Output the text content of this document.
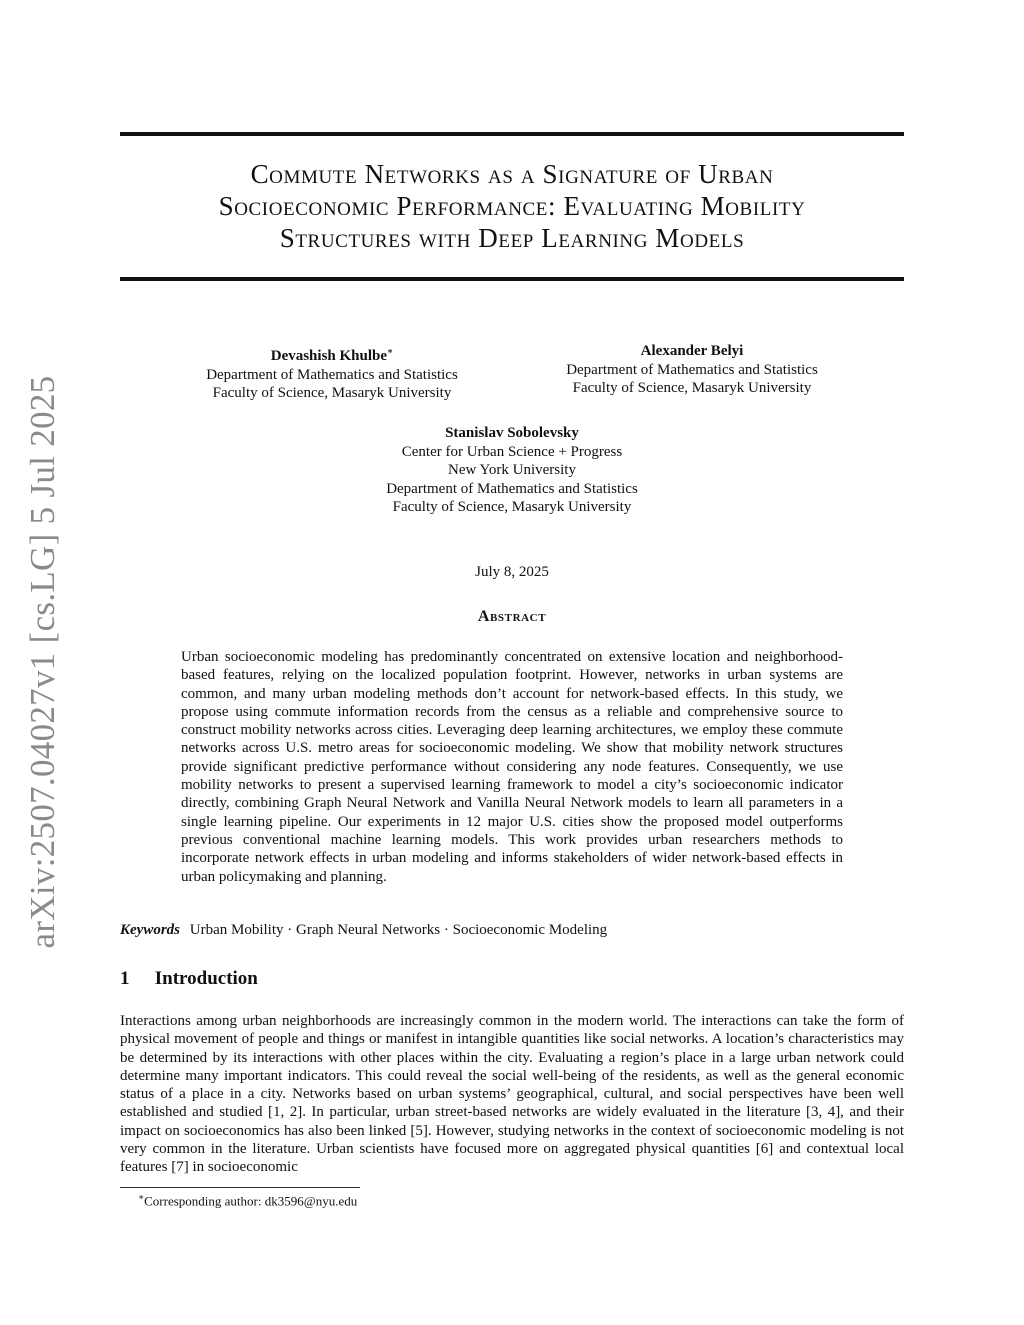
arXiv:2507.04027v1 [cs.LG] 5 Jul 2025
Commute Networks as a Signature of Urban
Socioeconomic Performance: Evaluating Mobility
Structures with Deep Learning Models
Devashish Khulbe∗
Department of Mathematics and Statistics
Faculty of Science, Masaryk University
Alexander Belyi
Department of Mathematics and Statistics
Faculty of Science, Masaryk University
Stanislav Sobolevsky
Center for Urban Science + Progress
New York University
Department of Mathematics and Statistics
Faculty of Science, Masaryk University
July 8, 2025
Abstract
Urban socioeconomic modeling has predominantly concentrated on extensive location and neighborhood-based features, relying on the localized population footprint. However, networks in urban systems are common, and many urban modeling methods don’t account for network-based effects. In this study, we propose using commute information records from the census as a reliable and comprehensive source to construct mobility networks across cities. Leveraging deep learning architectures, we employ these commute networks across U.S. metro areas for socioeconomic modeling. We show that mobility network structures provide significant predictive performance without considering any node features. Consequently, we use mobility networks to present a supervised learning framework to model a city’s socioeconomic indicator directly, combining Graph Neural Network and Vanilla Neural Network models to learn all parameters in a single learning pipeline. Our experiments in 12 major U.S. cities show the proposed model outperforms previous conventional machine learning models. This work provides urban researchers methods to incorporate network effects in urban modeling and informs stakeholders of wider network-based effects in urban policymaking and planning.
Keywords Urban Mobility · Graph Neural Networks · Socioeconomic Modeling
1 Introduction
Interactions among urban neighborhoods are increasingly common in the modern world. The interactions can take the form of physical movement of people and things or manifest in intangible quantities like social networks. A location’s characteristics may be determined by its interactions with other places within the city. Evaluating a region’s place in a large urban network could determine many important indicators. This could reveal the social well-being of the residents, as well as the general economic status of a place in a city. Networks based on urban systems’ geographical, cultural, and social perspectives have been well established and studied [1, 2]. In particular, urban street-based networks are widely evaluated in the literature [3, 4], and their impact on socioeconomics has also been linked [5]. However, studying networks in the context of socioeconomic modeling is not very common in the literature. Urban scientists have focused more on aggregated physical quantities [6] and contextual local features [7] in socioeconomic
∗Corresponding author: dk3596@nyu.edu
